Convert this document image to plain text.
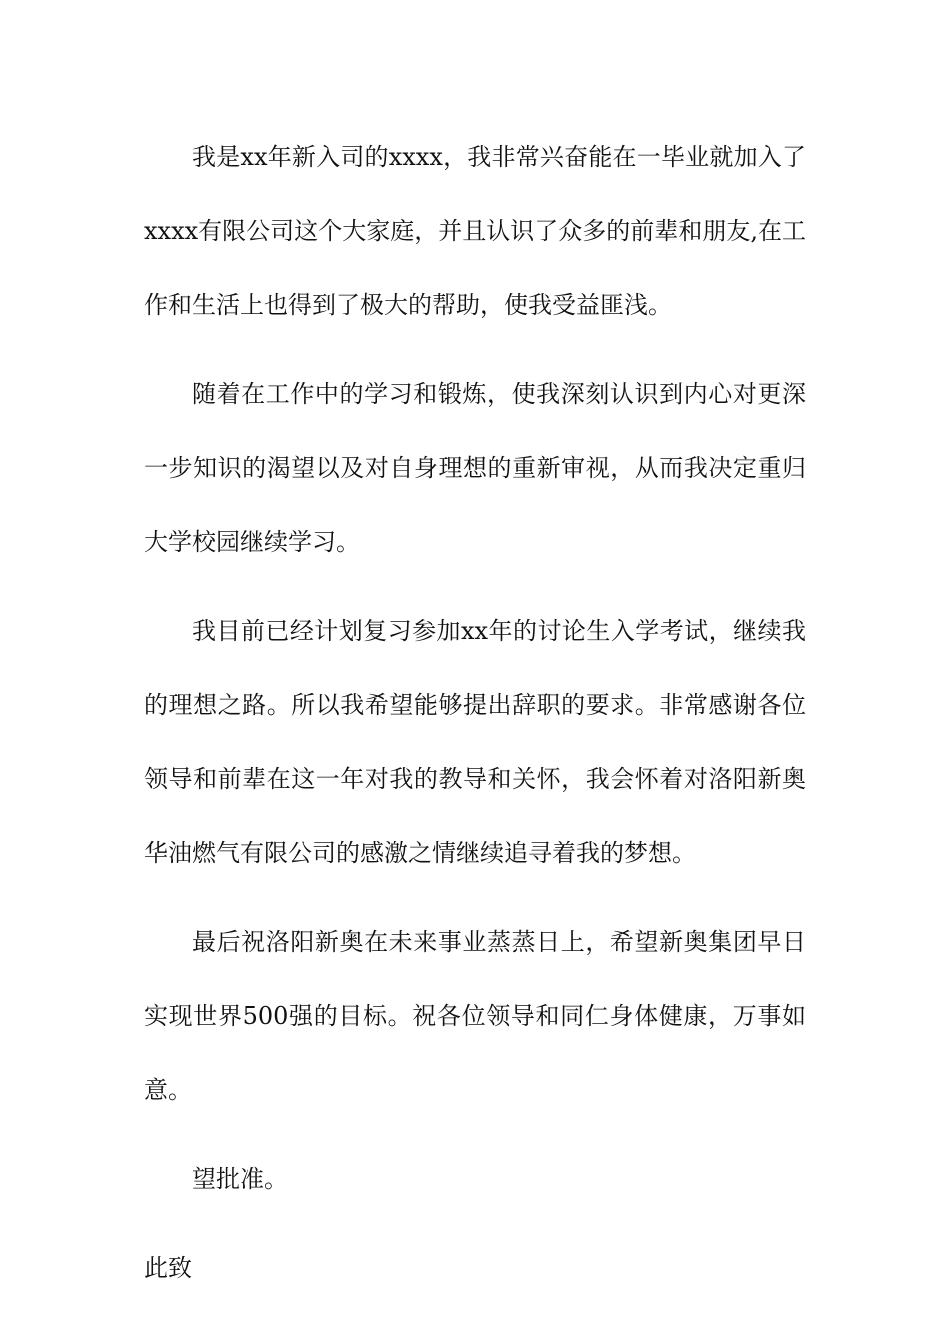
我是xx年新入司的xxxx，我非常兴奋能在一毕业就加入了xxxx有限公司这个大家庭，并且认识了众多的前辈和朋友,在工作和生活上也得到了极大的帮助，使我受益匪浅。

随着在工作中的学习和锻炼，使我深刻认识到内心对更深一步知识的渴望以及对自身理想的重新审视，从而我决定重归大学校园继续学习。

我目前已经计划复习参加xx年的讨论生入学考试，继续我的理想之路。所以我希望能够提出辞职的要求。非常感谢各位领导和前辈在这一年对我的教导和关怀，我会怀着对洛阳新奥华油燃气有限公司的感激之情继续追寻着我的梦想。

最后祝洛阳新奥在未来事业蒸蒸日上，希望新奥集团早日实现世界500强的目标。祝各位领导和同仁身体健康，万事如意。

望批准。

此致
